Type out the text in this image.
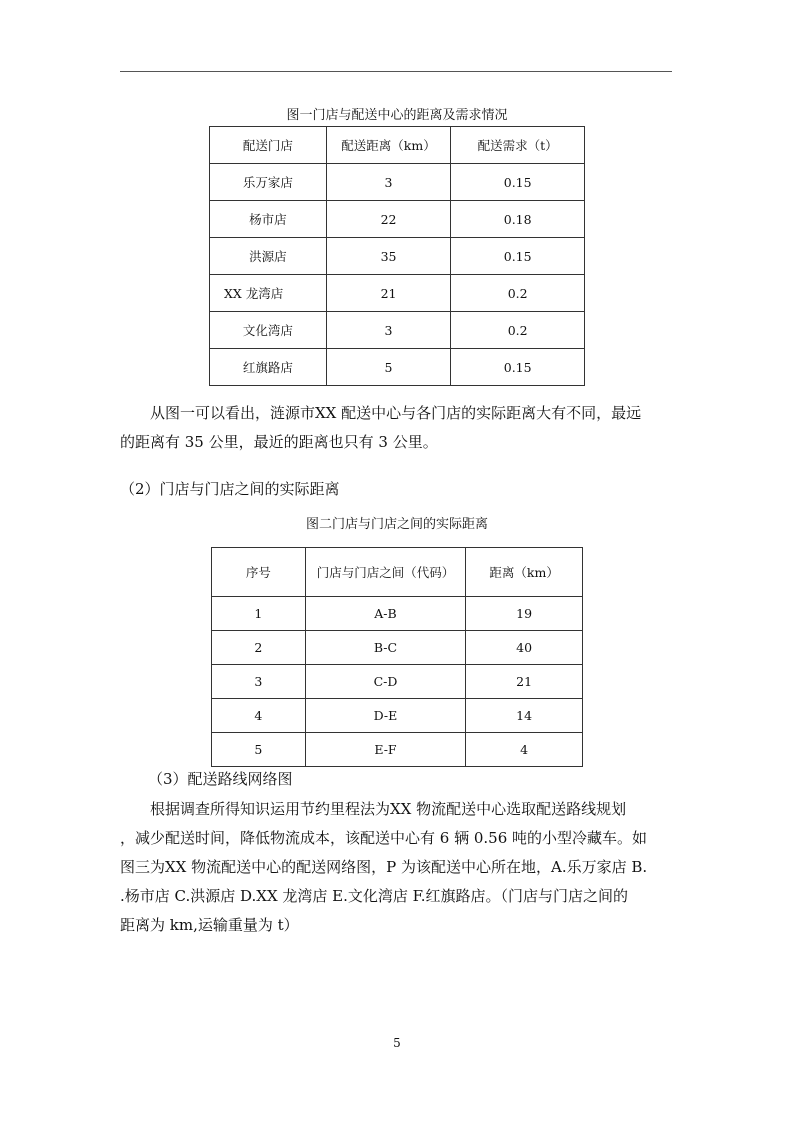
图一门店与配送中心的距离及需求情况
配送门店	配送距离（km）	配送需求（t）
乐万家店	3	0.15
杨市店	22	0.18
洪源店	35	0.15
XX 龙湾店	21	0.2
文化湾店	3	0.2
红旗路店	5	0.15
从图一可以看出，涟源市XX 配送中心与各门店的实际距离大有不同，最远
的距离有 35 公里，最近的距离也只有 3 公里。
（2）门店与门店之间的实际距离
图二门店与门店之间的实际距离
序号	门店与门店之间（代码）	距离（km）
1	A-B	19
2	B-C	40
3	C-D	21
4	D-E	14
5	E-F	4
（3）配送路线网络图
根据调查所得知识运用节约里程法为XX 物流配送中心选取配送路线规划
，减少配送时间，降低物流成本，该配送中心有 6 辆 0.56 吨的小型冷藏车。如
图三为XX 物流配送中心的配送网络图，P 为该配送中心所在地，A.乐万家店 B.
.杨市店 C.洪源店 D.XX 龙湾店 E.文化湾店 F.红旗路店。（门店与门店之间的
距离为 km,运输重量为 t）
5
